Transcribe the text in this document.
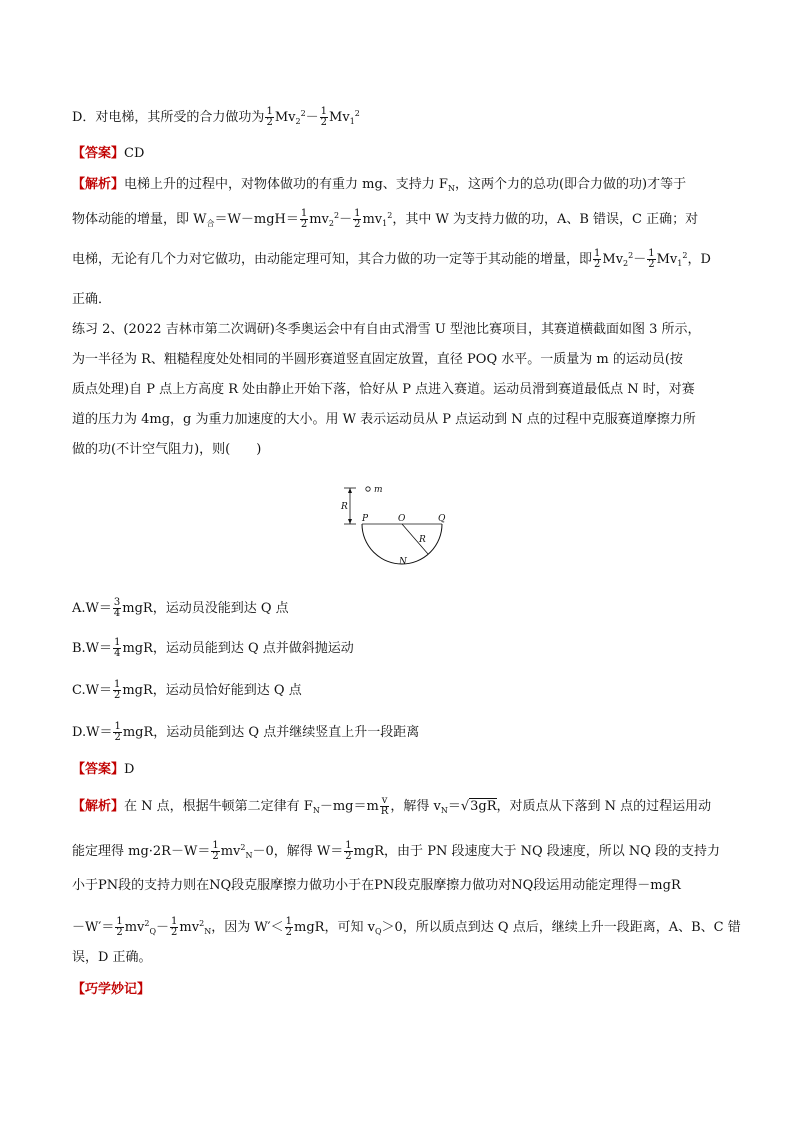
D．对电梯，其所受的合力做功为 $\frac{1}{2} Mv_2^2- \frac{1}{2} Mv_1^2$
【答案】CD
【解析】电梯上升的过程中，对物体做功的有重力 mg、支持力 $F_N$，这两个力的总功(即合力做的功)才等于
物体动能的增量，即 $W_合=W-mgH= \frac{1}{2} mv_2^2- \frac{1}{2} mv_1^2$，其中 W 为支持力做的功，A、B 错误，C 正确；对
电梯，无论有几个力对它做功，由动能定理可知，其合力做的功一定等于其动能的增量，即 $\frac{1}{2} Mv_2^2- \frac{1}{2} Mv_1^2$，D
正确．
练习 2、(2022 吉林市第二次调研)冬季奥运会中有自由式滑雪 U 型池比赛项目，其赛道横截面如图 3 所示，
为一半径为 R、粗糙程度处处相同的半圆形赛道竖直固定放置，直径 POQ 水平。一质量为 m 的运动员(按
质点处理)自 P 点上方高度 R 处由静止开始下落，恰好从 P 点进入赛道。运动员滑到赛道最低点 N 时，对赛
道的压力为 4mg，g 为重力加速度的大小。用 W 表示运动员从 P 点运动到 N 点的过程中克服赛道摩擦力所
做的功(不计空气阻力)，则(　　)
m
R
P	O	Q
R
N
$A.W= \frac{3}{4}$ mgR，运动员没能到达 Q 点
$B.W= \frac{1}{4}$ mgR，运动员能到达 Q 点并做斜抛运动
$C.W= \frac{1}{2}$ mgR，运动员恰好能到达 Q 点
$D.W= \frac{1}{2}$ mgR，运动员能到达 Q 点并继续竖直上升一段距离
【答案】D
【解析】在 N 点，根据牛顿第二定律有 $F_N-mg=m \frac{v}{R}$ ，解得 $v_N=√3gR$，对质点从下落到 N 点的过程运用动
能定理得 $mg\cdot 2R-W= \frac{1}{2} mv^2_N-0$，解得 $W= \frac{1}{2}$ mgR，由于 PN 段速度大于 NQ 段速度，所以 NQ 段的支持力
小于PN段的支持力则在NQ段克服摩擦力做功小于在PN段克服摩擦力做功对NQ段运用动能定理得－mgR
$-W'= \frac{1}{2} mv^2_Q- \frac{1}{2} mv^2_N$，因为 $W'< \frac{1}{2}$ mgR，可知 $v_Q>0$，所以质点到达 Q 点后，继续上升一段距离，A、B、C 错
误，D 正确。
【巧学妙记】
